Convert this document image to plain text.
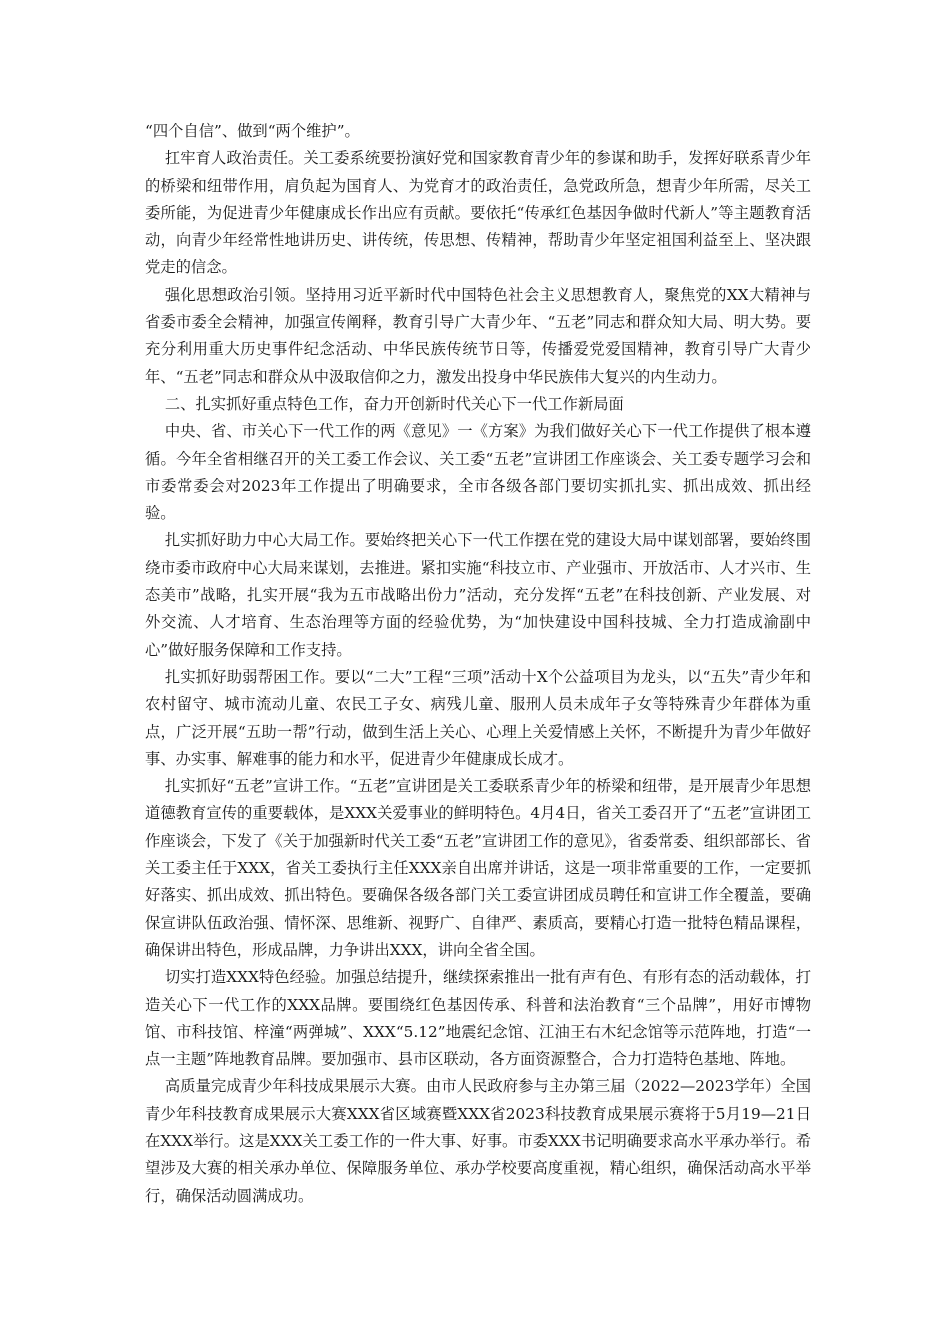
“四个自信”、做到“两个维护”。

扛牢育人政治责任。关工委系统要扮演好党和国家教育青少年的参谋和助手，发挥好联系青少年的桥梁和纽带作用，肩负起为国育人、为党育才的政治责任，急党政所急，想青少年所需，尽关工委所能，为促进青少年健康成长作出应有贡献。要依托“传承红色基因争做时代新人”等主题教育活动，向青少年经常性地讲历史、讲传统，传思想、传精神，帮助青少年坚定祖国利益至上、坚决跟党走的信念。

强化思想政治引领。坚持用习近平新时代中国特色社会主义思想教育人，聚焦党的XX大精神与省委市委全会精神，加强宣传阐释，教育引导广大青少年、“五老”同志和群众知大局、明大势。要充分利用重大历史事件纪念活动、中华民族传统节日等，传播爱党爱国精神，教育引导广大青少年、“五老”同志和群众从中汲取信仰之力，激发出投身中华民族伟大复兴的内生动力。

二、扎实抓好重点特色工作，奋力开创新时代关心下一代工作新局面

中央、省、市关心下一代工作的两《意见》一《方案》为我们做好关心下一代工作提供了根本遵循。今年全省相继召开的关工委工作会议、关工委“五老”宣讲团工作座谈会、关工委专题学习会和市委常委会对2023年工作提出了明确要求，全市各级各部门要切实抓扎实、抓出成效、抓出经验。

扎实抓好助力中心大局工作。要始终把关心下一代工作摆在党的建设大局中谋划部署，要始终围绕市委市政府中心大局来谋划，去推进。紧扣实施“科技立市、产业强市、开放活市、人才兴市、生态美市”战略，扎实开展“我为五市战略出份力”活动，充分发挥“五老”在科技创新、产业发展、对外交流、人才培育、生态治理等方面的经验优势，为“加快建设中国科技城、全力打造成渝副中心”做好服务保障和工作支持。

扎实抓好助弱帮困工作。要以“二大”工程“三项”活动十X个公益项目为龙头，以“五失”青少年和农村留守、城市流动儿童、农民工子女、病残儿童、服刑人员未成年子女等特殊青少年群体为重点，广泛开展“五助一帮”行动，做到生活上关心、心理上关爱情感上关怀，不断提升为青少年做好事、办实事、解难事的能力和水平，促进青少年健康成长成才。

扎实抓好“五老”宣讲工作。“五老”宣讲团是关工委联系青少年的桥梁和纽带，是开展青少年思想道德教育宣传的重要载体，是XXX关爱事业的鲜明特色。4月4日，省关工委召开了“五老”宣讲团工作座谈会，下发了《关于加强新时代关工委“五老”宣讲团工作的意见》，省委常委、组织部部长、省关工委主任于XXX，省关工委执行主任XXX亲自出席并讲话，这是一项非常重要的工作，一定要抓好落实、抓出成效、抓出特色。要确保各级各部门关工委宣讲团成员聘任和宣讲工作全覆盖，要确保宣讲队伍政治强、情怀深、思维新、视野广、自律严、素质高，要精心打造一批特色精品课程，确保讲出特色，形成品牌，力争讲出XXX，讲向全省全国。

切实打造XXX特色经验。加强总结提升，继续探索推出一批有声有色、有形有态的活动载体，打造关心下一代工作的XXX品牌。要围绕红色基因传承、科普和法治教育“三个品牌”，用好市博物馆、市科技馆、梓潼“两弹城”、XXX“5.12”地震纪念馆、江油王右木纪念馆等示范阵地，打造“一点一主题”阵地教育品牌。要加强市、县市区联动，各方面资源整合，合力打造特色基地、阵地。

高质量完成青少年科技成果展示大赛。由市人民政府参与主办第三届（2022—2023学年）全国青少年科技教育成果展示大赛XXX省区域赛暨XXX省2023科技教育成果展示赛将于5月19—21日在XXX举行。这是XXX关工委工作的一件大事、好事。市委XXX书记明确要求高水平承办举行。希望涉及大赛的相关承办单位、保障服务单位、承办学校要高度重视，精心组织，确保活动高水平举行，确保活动圆满成功。
